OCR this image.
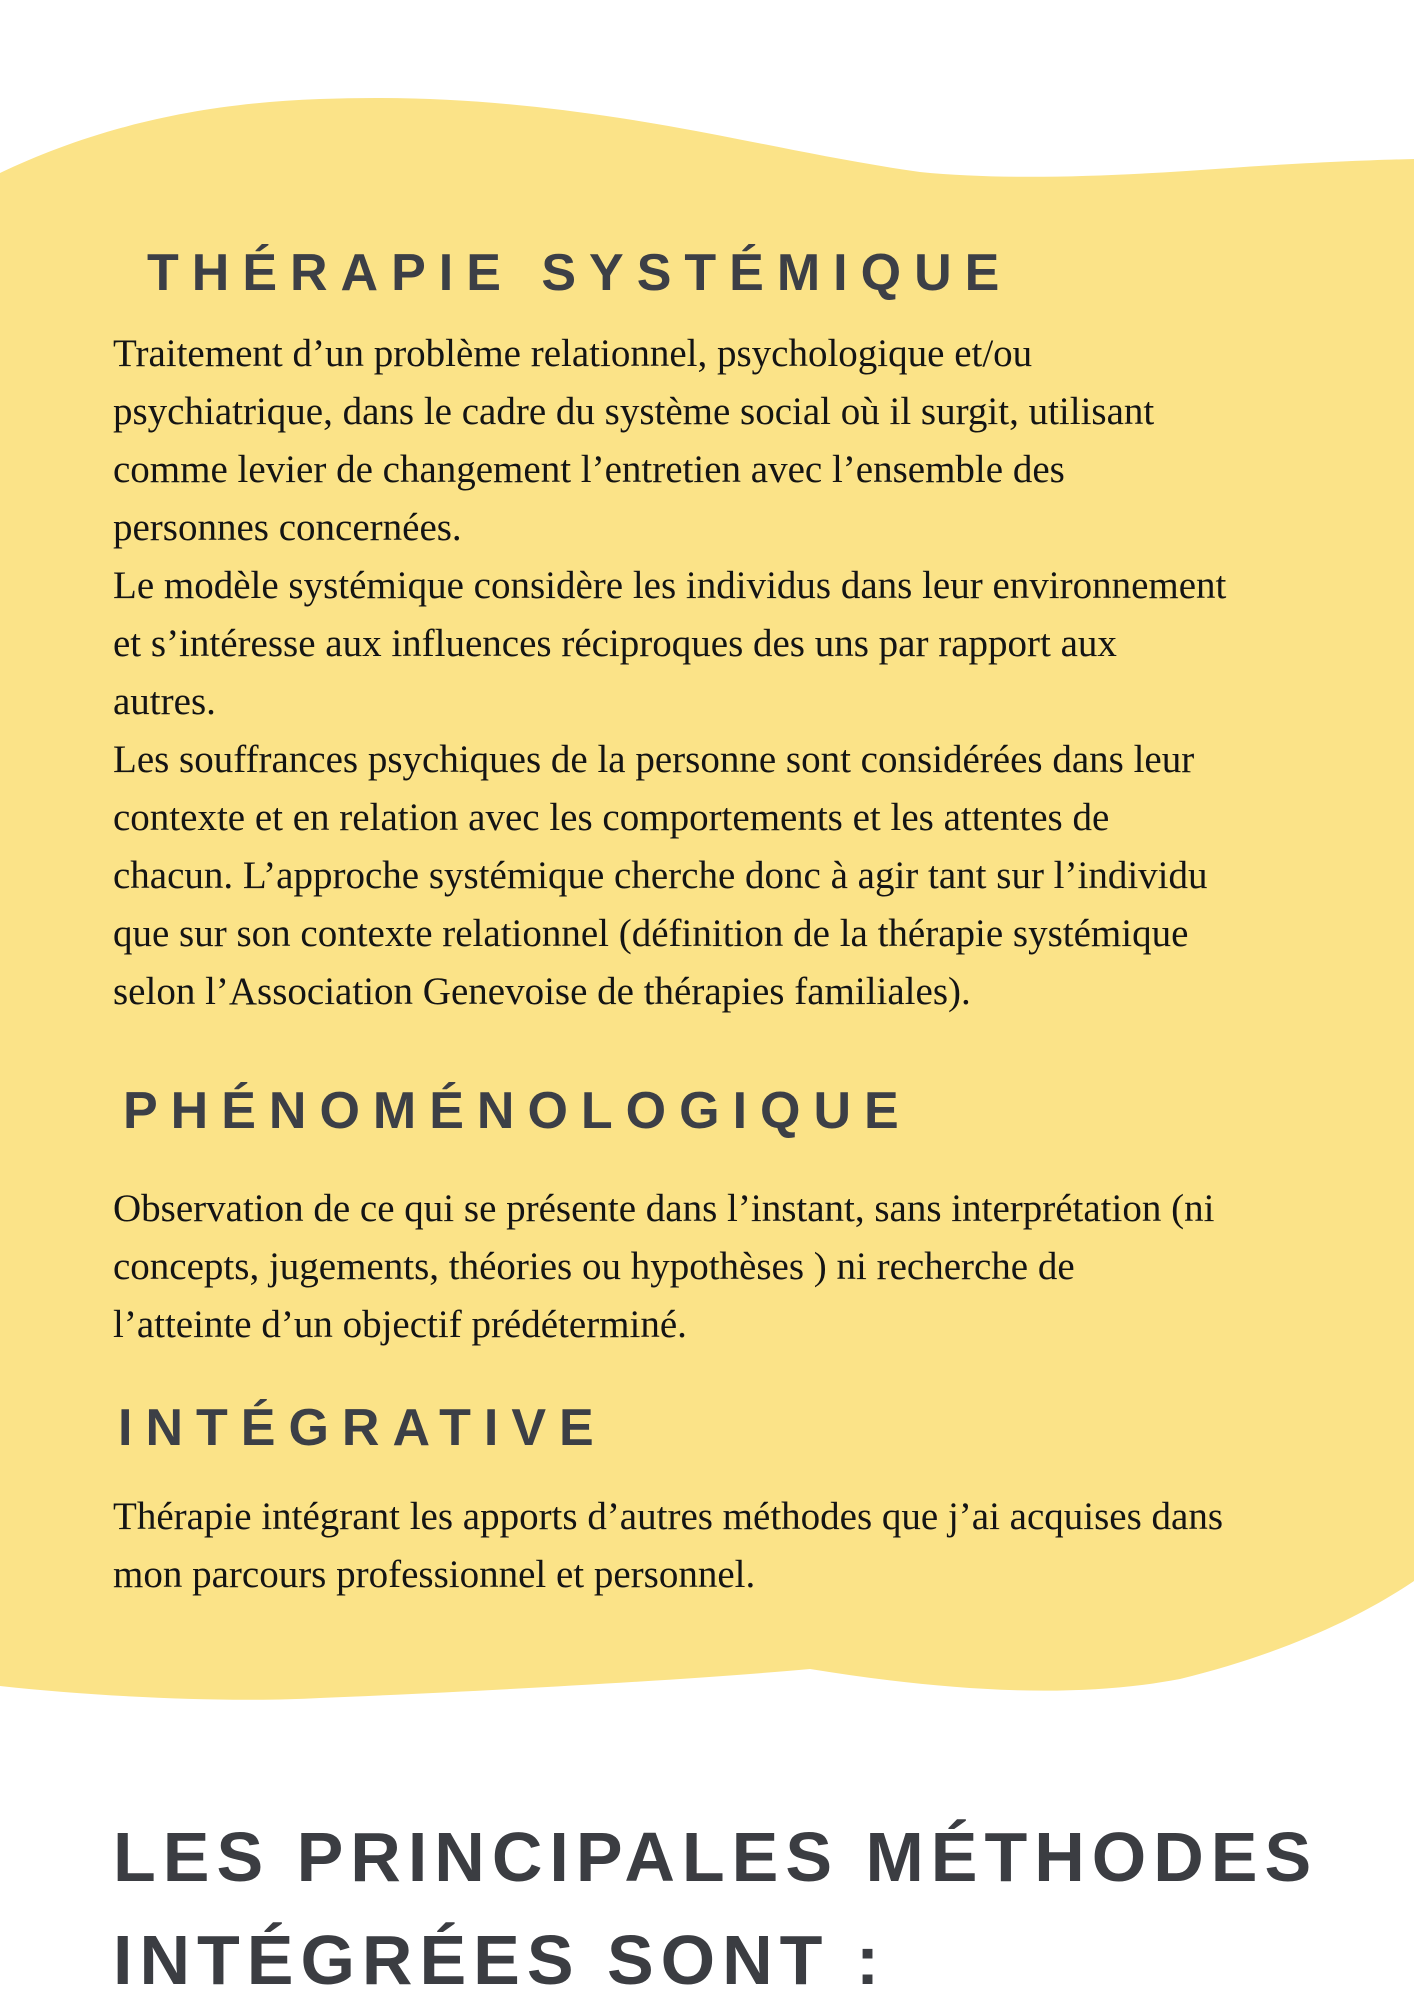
THÉRAPIE SYSTÉMIQUE
Traitement d’un problème relationnel, psychologique et/ou
psychiatrique, dans le cadre du système social où il surgit, utilisant
comme levier de changement l’entretien avec l’ensemble des
personnes concernées.
Le modèle systémique considère les individus dans leur environnement
et s’intéresse aux influences réciproques des uns par rapport aux
autres.
Les souffrances psychiques de la personne sont considérées dans leur
contexte et en relation avec les comportements et les attentes de
chacun. L’approche systémique cherche donc à agir tant sur l’individu
que sur son contexte relationnel (définition de la thérapie systémique
selon l’Association Genevoise de thérapies familiales).
PHÉNOMÉNOLOGIQUE
Observation de ce qui se présente dans l’instant, sans interprétation (ni
concepts, jugements, théories ou hypothèses ) ni recherche de
l’atteinte d’un objectif prédéterminé.
INTÉGRATIVE
Thérapie intégrant les apports d’autres méthodes que j’ai acquises dans
mon parcours professionnel et personnel.
LES PRINCIPALES MÉTHODES
INTÉGRÉES SONT :
